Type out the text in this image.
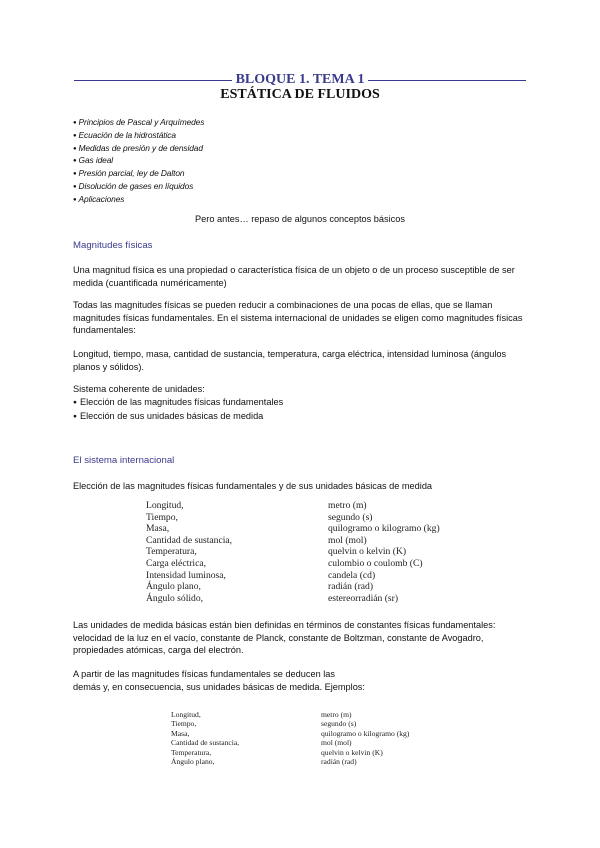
BLOQUE 1. TEMA 1
ESTÁTICA DE FLUIDOS
● Principios de Pascal y Arquímedes
● Ecuación de la hidrostática
● Medidas de presión y de densidad
● Gas ideal
● Presión parcial, ley de Dalton
● Disolución de gases en líquidos
● Aplicaciones
Pero antes… repaso de algunos conceptos básicos
Magnitudes físicas
Una magnitud física es una propiedad o característica física de un objeto o de un proceso susceptible de ser
medida (cuantificada numéricamente)
Todas las magnitudes físicas se pueden reducir a combinaciones de una pocas de ellas, que se llaman
magnitudes físicas fundamentales. En el sistema internacional de unidades se eligen como magnitudes físicas
fundamentales:
Longitud, tiempo, masa, cantidad de sustancia, temperatura, carga eléctrica, intensidad luminosa (ángulos
planos y sólidos).
Sistema coherente de unidades:
● Elección de las magnitudes físicas fundamentales
● Elección de sus unidades básicas de medida
El sistema internacional
Elección de las magnitudes físicas fundamentales y de sus unidades básicas de medida
Longitud,	metro (m)
Tiempo,	segundo (s)
Masa,	quilogramo o kilogramo (kg)
Cantidad de sustancia,	mol (mol)
Temperatura,	quelvin o kelvin (K)
Carga eléctrica,	culombio o coulomb (C)
Intensidad luminosa,	candela (cd)
Ángulo plano,	radián (rad)
Ángulo sólido,	estereorradián (sr)
Las unidades de medida básicas están bien definidas en términos de constantes físicas fundamentales:
velocidad de la luz en el vacío, constante de Planck, constante de Boltzman, constante de Avogadro,
propiedades atómicas, carga del electrón.
A partir de las magnitudes físicas fundamentales se deducen las
demás y, en consecuencia, sus unidades básicas de medida. Ejemplos:
Longitud,	metro (m)
Tiempo,	segundo (s)
Masa,	quilogramo o kilogramo (kg)
Cantidad de sustancia,	mol (mol)
Temperatura,	quelvin o kelvin (K)
Ángulo plano,	radián (rad)
